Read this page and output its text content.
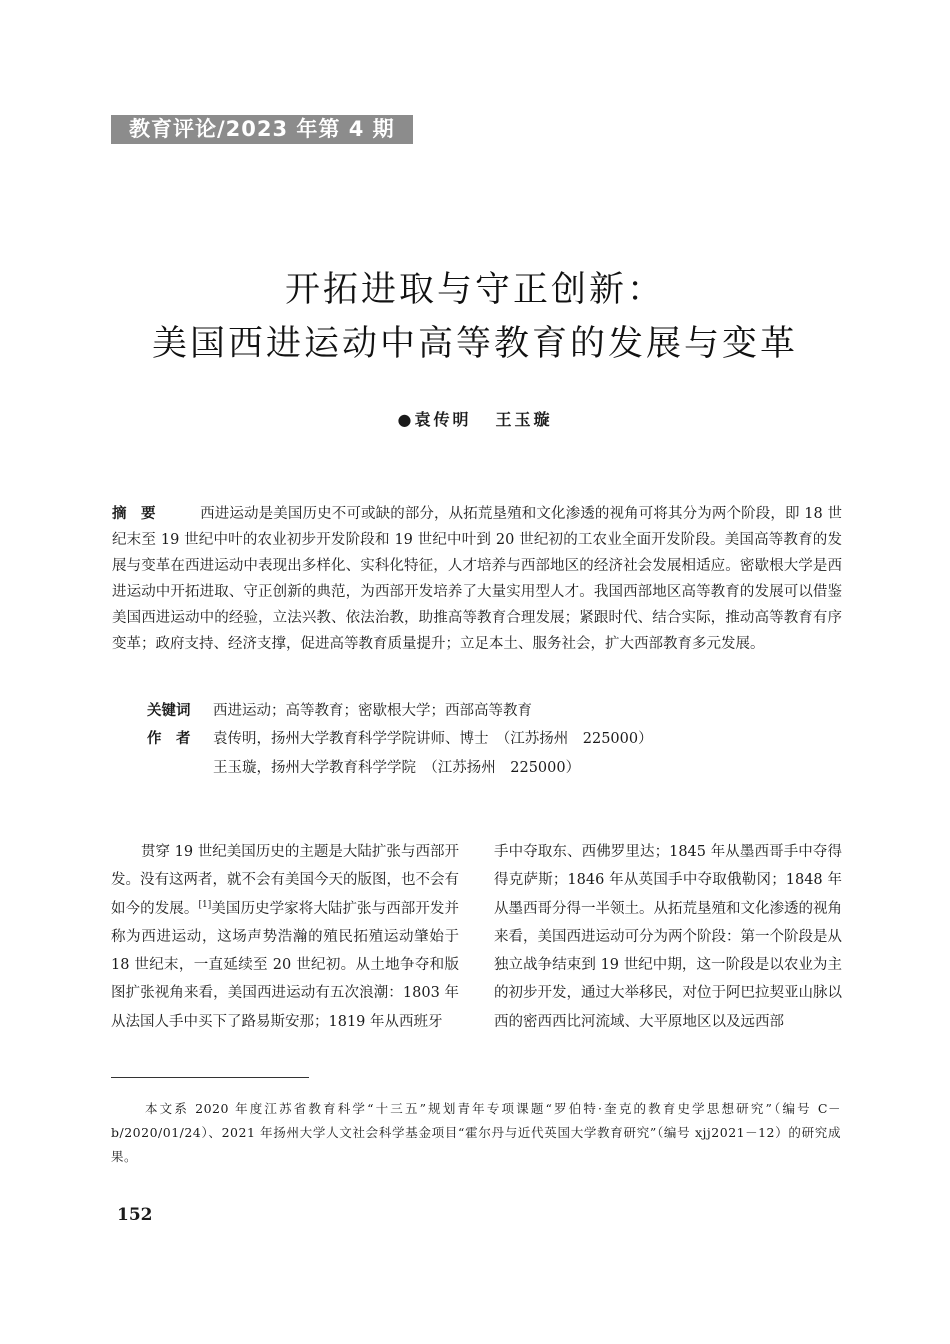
教育评论/2023 年第 4 期
开拓进取与守正创新：
美国西进运动中高等教育的发展与变革
●袁传明 王玉璇

摘　要	西进运动是美国历史不可或缺的部分，从拓荒垦殖和文化渗透的视角可将其分为两个阶段，即 18 世纪末至 19 世纪中叶的农业初步开发阶段和 19 世纪中叶到 20 世纪初的工农业全面开发阶段。美国高等教育的发展与变革在西进运动中表现出多样化、实科化特征，人才培养与西部地区的经济社会发展相适应。密歇根大学是西进运动中开拓进取、守正创新的典范，为西部开发培养了大量实用型人才。我国西部地区高等教育的发展可以借鉴美国西进运动中的经验，立法兴教、依法治教，助推高等教育合理发展；紧跟时代、结合实际，推动高等教育有序变革；政府支持、经济支撑，促进高等教育质量提升；立足本土、服务社会，扩大西部教育多元发展。

关键词 西进运动；高等教育；密歇根大学；西部高等教育
作　者 袁传明，扬州大学教育科学学院讲师、博士　（江苏扬州　225000）
王玉璇，扬州大学教育科学学院　（江苏扬州　225000）

贯穿 19 世纪美国历史的主题是大陆扩张与西部开发。没有这两者，就不会有美国今天的版图，也不会有如今的发展。[1]美国历史学家将大陆扩张与西部开发并称为西进运动，这场声势浩瀚的殖民拓殖运动肇始于 18 世纪末，一直延续至 20 世纪初。从土地争夺和版图扩张视角来看，美国西进运动有五次浪潮：1803 年从法国人手中买下了路易斯安那；1819 年从西班牙

手中夺取东、西佛罗里达；1845 年从墨西哥手中夺得得克萨斯；1846 年从英国手中夺取俄勒冈；1848 年从墨西哥分得一半领土。从拓荒垦殖和文化渗透的视角来看，美国西进运动可分为两个阶段：第一个阶段是从独立战争结束到 19 世纪中期，这一阶段是以农业为主的初步开发，通过大举移民，对位于阿巴拉契亚山脉以西的密西西比河流域、大平原地区以及远西部

本文系 2020 年度江苏省教育科学“十三五”规划青年专项课题“罗伯特·奎克的教育史学思想研究”（编号 C－b/2020/01/24）、2021 年扬州大学人文社会科学基金项目“霍尔丹与近代英国大学教育研究”（编号 xjj2021－12）的研究成果。

152
